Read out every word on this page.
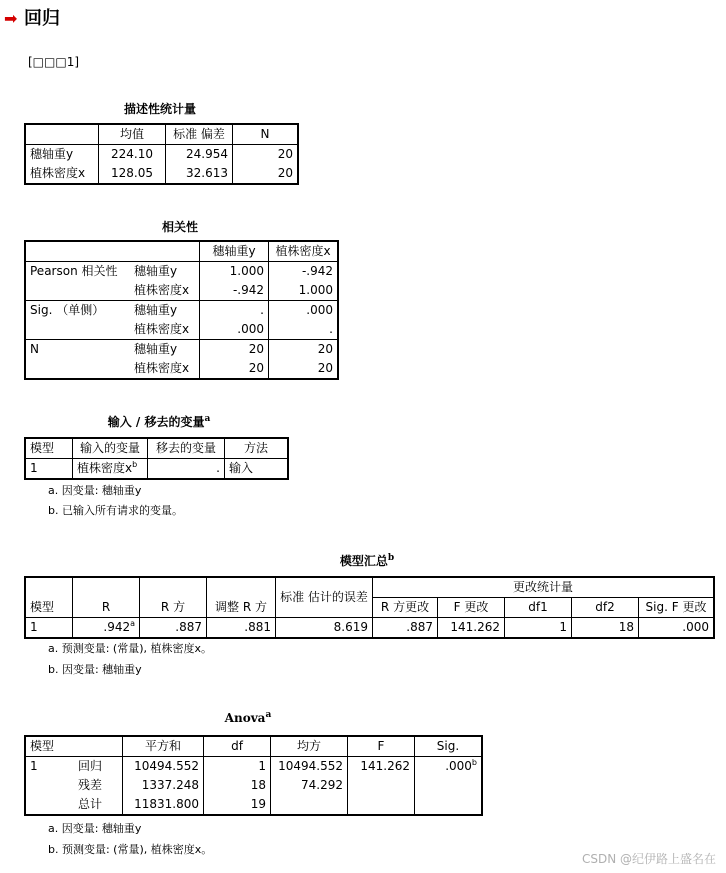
➡ 回归
[□□□1]
描述性统计量
	均值	标准 偏差	N
穗轴重y	224.10	24.954	20
植株密度x	128.05	32.613	20
相关性
		穗轴重y	植株密度x
Pearson 相关性	穗轴重y	1.000	-.942
	植株密度x	-.942	1.000
Sig. （单侧）	穗轴重y	.	.000
	植株密度x	.000	.
N	穗轴重y	20	20
	植株密度x	20	20
输入 / 移去的变量$^a$
模型	输入的变量	移去的变量	方法
1	植株密度$x^b$	.	输入
a. 因变量: 穗轴重y
b. 已输入所有请求的变量。
模型汇总$^b$
模型	R	R 方	调整 R 方	标准 估计的误差	更改统计量				
					R 方更改	F 更改	df1	df2	Sig. F 更改
1	.942$^a$	.887	.881	8.619	.887	141.262	1	18	.000
a. 预测变量: (常量), 植株密度x。
b. 因变量: 穗轴重y
Anova$^a$
模型		平方和	df	均方	F	Sig.
1	回归	10494.552	1	10494.552	141.262	.000$^b$
	残差	1337.248	18	74.292		
	总计	11831.800	19			
a. 因变量: 穗轴重y
b. 预测变量: (常量), 植株密度x。
CSDN @纪伊路上盛名在
